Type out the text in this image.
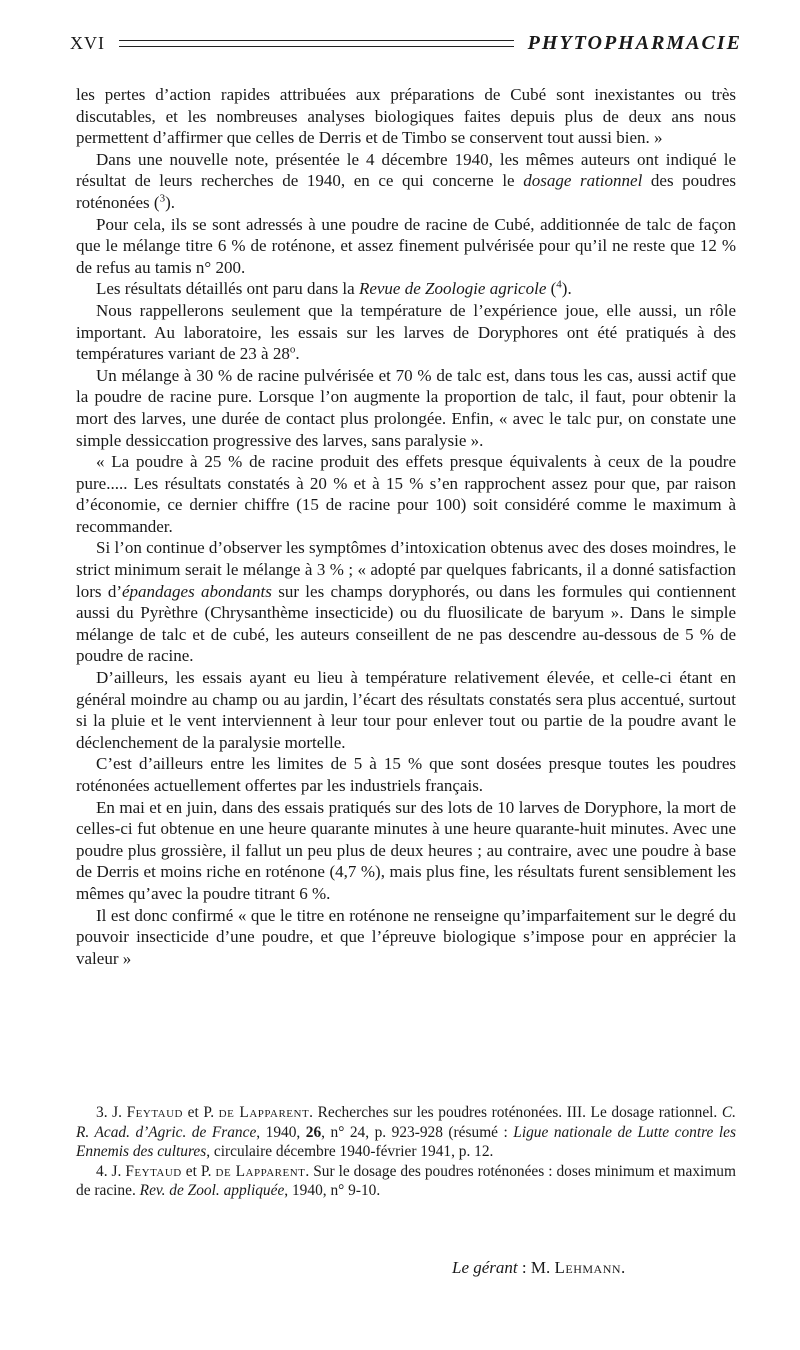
XVI	PHYTOPHARMACIE

les pertes d’action rapides attribuées aux préparations de Cubé sont inexistantes ou très discutables, et les nombreuses analyses biologiques faites depuis plus de deux ans nous permettent d’affirmer que celles de Derris et de Timbo se conservent tout aussi bien. »

Dans une nouvelle note, présentée le 4 décembre 1940, les mêmes auteurs ont indiqué le résultat de leurs recherches de 1940, en ce qui concerne le dosage rationnel des poudres roténonées ($^3$).

Pour cela, ils se sont adressés à une poudre de racine de Cubé, additionnée de talc de façon que le mélange titre 6 % de roténone, et assez finement pulvérisée pour qu’il ne reste que 12 % de refus au tamis n° 200.

Les résultats détaillés ont paru dans la Revue de Zoologie agricole ($^4$).

Nous rappellerons seulement que la température de l’expérience joue, elle aussi, un rôle important. Au laboratoire, les essais sur les larves de Doryphores ont été pratiqués à des températures variant de 23 à 28$^o$.

Un mélange à 30 % de racine pulvérisée et 70 % de talc est, dans tous les cas, aussi actif que la poudre de racine pure. Lorsque l’on augmente la proportion de talc, il faut, pour obtenir la mort des larves, une durée de contact plus prolongée. Enfin, « avec le talc pur, on constate une simple dessiccation progressive des larves, sans paralysie ».

« La poudre à 25 % de racine produit des effets presque équivalents à ceux de la poudre pure..... Les résultats constatés à 20 % et à 15 % s’en rapprochent assez pour que, par raison d’économie, ce dernier chiffre (15 de racine pour 100) soit considéré comme le maximum à recommander.

Si l’on continue d’observer les symptômes d’intoxication obtenus avec des doses moindres, le strict minimum serait le mélange à 3 % ; « adopté par quelques fabricants, il a donné satisfaction lors d’épandages abondants sur les champs doryphorés, ou dans les formules qui contiennent aussi du Pyrèthre (Chrysanthème insecticide) ou du fluosilicate de baryum ». Dans le simple mélange de talc et de cubé, les auteurs conseillent de ne pas descendre au-dessous de 5 % de poudre de racine.

D’ailleurs, les essais ayant eu lieu à température relativement élevée, et celle-ci étant en général moindre au champ ou au jardin, l’écart des résultats constatés sera plus accentué, surtout si la pluie et le vent interviennent à leur tour pour enlever tout ou partie de la poudre avant le déclenchement de la paralysie mortelle.

C’est d’ailleurs entre les limites de 5 à 15 % que sont dosées presque toutes les poudres roténonées actuellement offertes par les industriels français.

En mai et en juin, dans des essais pratiqués sur des lots de 10 larves de Doryphore, la mort de celles-ci fut obtenue en une heure quarante minutes à une heure quarante-huit minutes. Avec une poudre plus grossière, il fallut un peu plus de deux heures ; au contraire, avec une poudre à base de Derris et moins riche en roténone (4,7 %), mais plus fine, les résultats furent sensiblement les mêmes qu’avec la poudre titrant 6 %.

Il est donc confirmé « que le titre en roténone ne renseigne qu’imparfaitement sur le degré du pouvoir insecticide d’une poudre, et que l’épreuve biologique s’impose pour en apprécier la valeur »

3. J. Feytaud et P. de Lapparent. Recherches sur les poudres roténonées. III. Le dosage rationnel. C. R. Acad. d’Agric. de France, 1940, 26, n° 24, p. 923-928 (résumé : Ligue nationale de Lutte contre les Ennemis des cultures, circulaire décembre 1940-février 1941, p. 12.

4. J. Feytaud et P. de Lapparent. Sur le dosage des poudres roténonées : doses minimum et maximum de racine. Rev. de Zool. appliquée, 1940, n° 9-10.

Le gérant : M. Lehmann.
